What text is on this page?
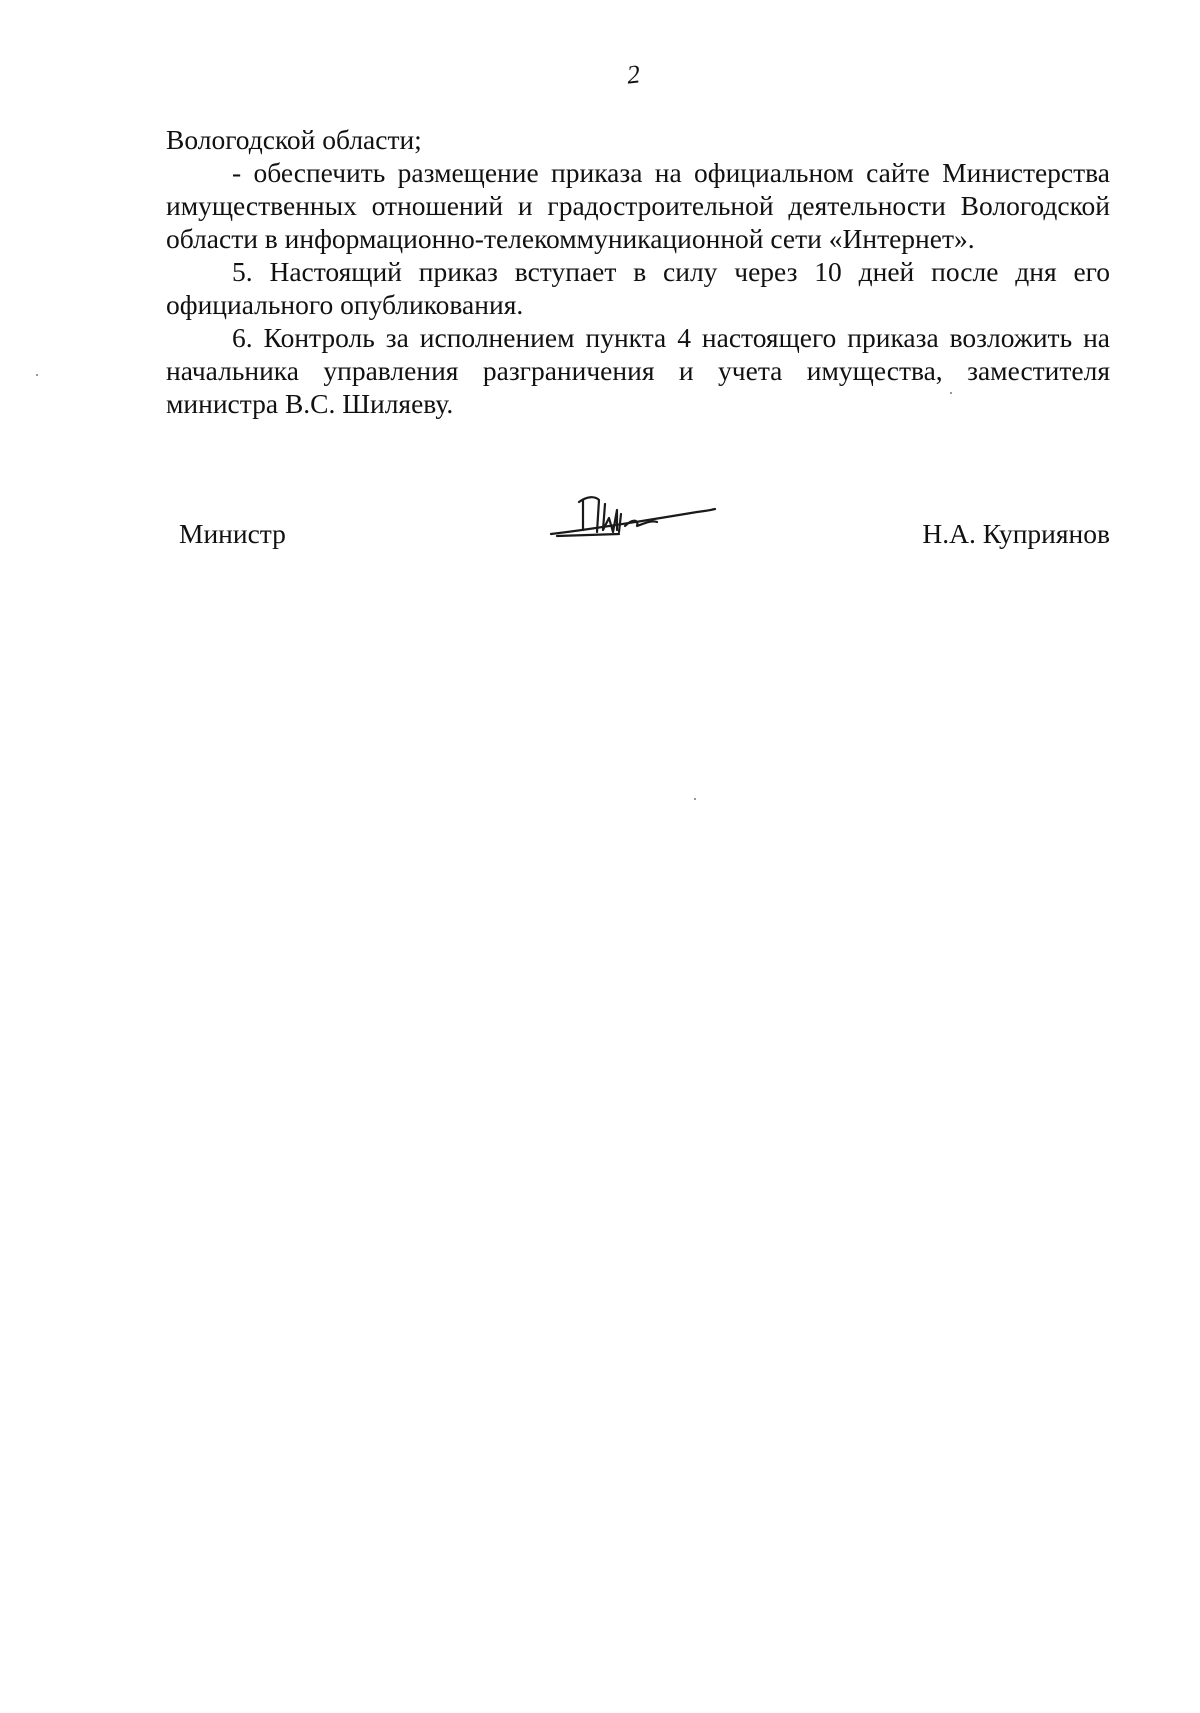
2

Вологодской области;

- обеспечить размещение приказа на официальном сайте Министерства имущественных отношений и градостроительной деятельности Вологодской области в информационно-телекоммуникационной сети «Интернет».

5. Настоящий приказ вступает в силу через 10 дней после дня его официального опубликования.

6. Контроль за исполнением пункта 4 настоящего приказа возложить на начальника управления разграничения и учета имущества, заместителя министра В.С. Шиляеву.

Министр	Н.А. Куприянов
